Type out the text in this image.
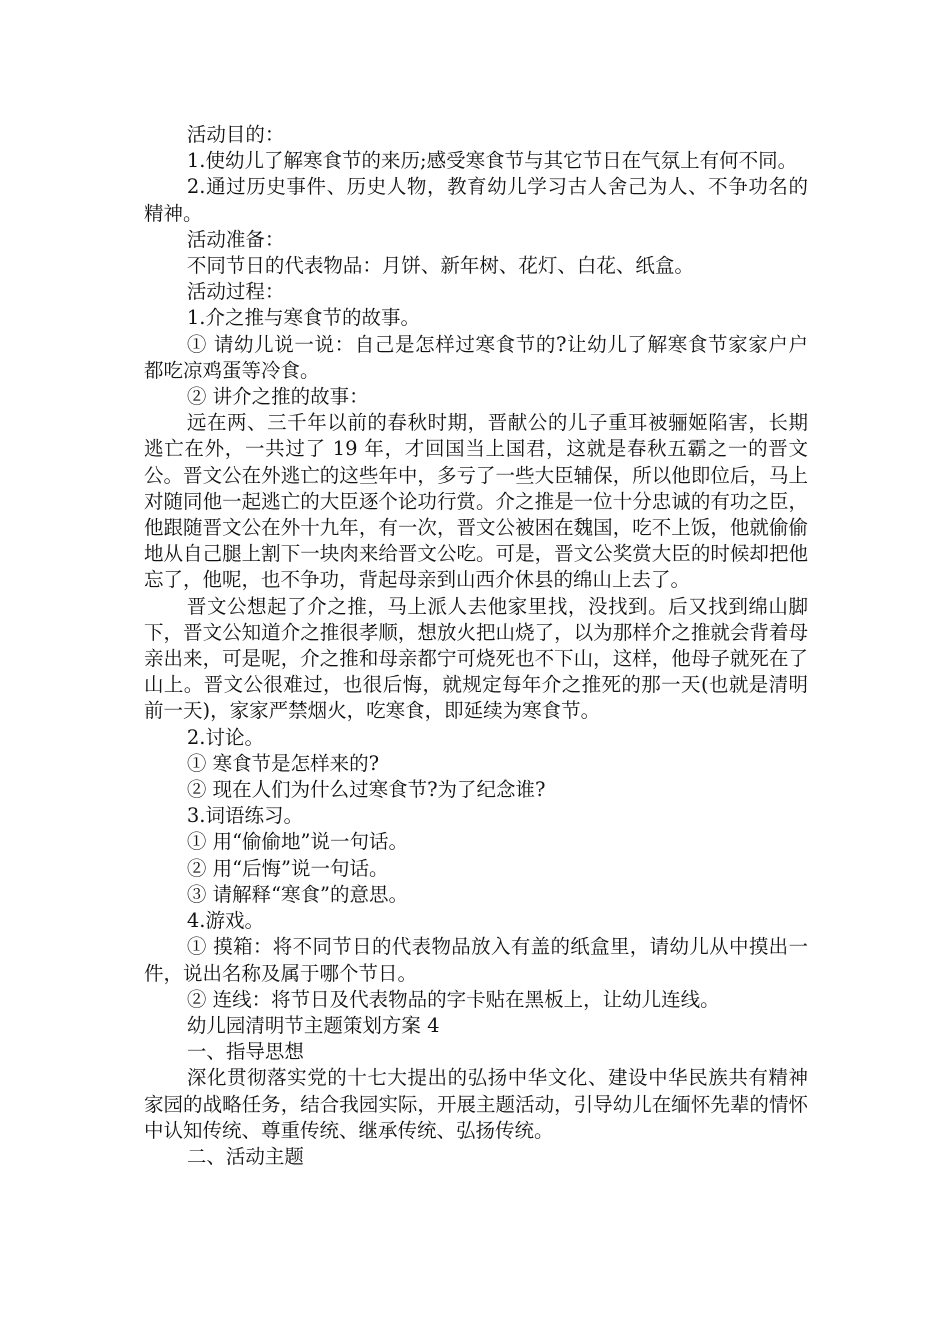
活动目的：

1.使幼儿了解寒食节的来历;感受寒食节与其它节日在气氛上有何不同。

2.通过历史事件、历史人物，教育幼儿学习古人舍己为人、不争功名的精神。

活动准备：

不同节日的代表物品：月饼、新年树、花灯、白花、纸盒。

活动过程：

1.介之推与寒食节的故事。

① 请幼儿说一说：自己是怎样过寒食节的?让幼儿了解寒食节家家户户都吃凉鸡蛋等冷食。

② 讲介之推的故事：

远在两、三千年以前的春秋时期，晋献公的儿子重耳被骊姬陷害，长期逃亡在外，一共过了 19 年，才回国当上国君，这就是春秋五霸之一的晋文公。晋文公在外逃亡的这些年中，多亏了一些大臣辅保，所以他即位后，马上对随同他一起逃亡的大臣逐个论功行赏。介之推是一位十分忠诚的有功之臣，他跟随晋文公在外十九年，有一次，晋文公被困在魏国，吃不上饭，他就偷偷地从自己腿上割下一块肉来给晋文公吃。可是，晋文公奖赏大臣的时候却把他忘了，他呢，也不争功，背起母亲到山西介休县的绵山上去了。

晋文公想起了介之推，马上派人去他家里找，没找到。后又找到绵山脚下，晋文公知道介之推很孝顺，想放火把山烧了，以为那样介之推就会背着母亲出来，可是呢，介之推和母亲都宁可烧死也不下山，这样，他母子就死在了山上。晋文公很难过，也很后悔，就规定每年介之推死的那一天(也就是清明前一天)，家家严禁烟火，吃寒食，即延续为寒食节。

2.讨论。

① 寒食节是怎样来的?

② 现在人们为什么过寒食节?为了纪念谁?

3.词语练习。

① 用“偷偷地”说一句话。

② 用“后悔”说一句话。

③ 请解释“寒食”的意思。

4.游戏。

① 摸箱：将不同节日的代表物品放入有盖的纸盒里，请幼儿从中摸出一件，说出名称及属于哪个节日。

② 连线：将节日及代表物品的字卡贴在黑板上，让幼儿连线。

幼儿园清明节主题策划方案 4

一、指导思想

深化贯彻落实党的十七大提出的弘扬中华文化、建设中华民族共有精神家园的战略任务，结合我园实际，开展主题活动，引导幼儿在缅怀先辈的情怀中认知传统、尊重传统、继承传统、弘扬传统。

二、活动主题
